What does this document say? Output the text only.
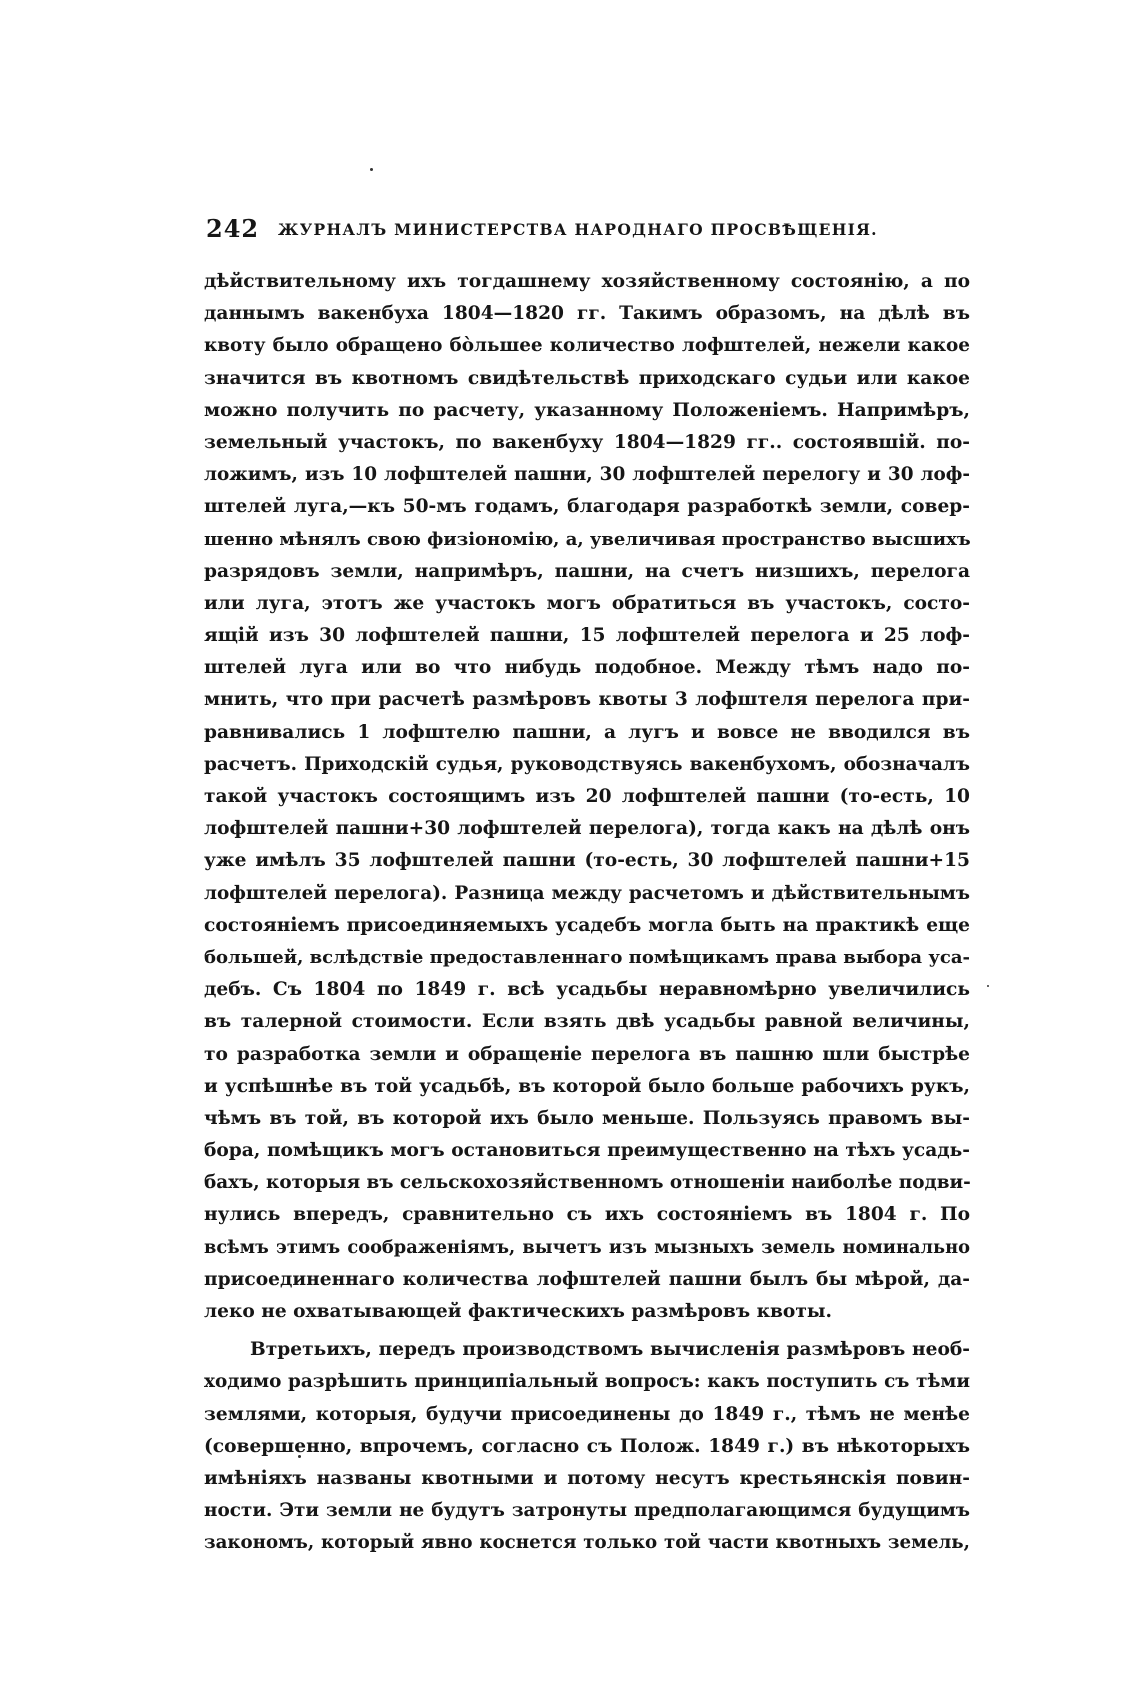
242 ЖУРНАЛЪ МИНИСТЕРСТВА НАРОДНАГО ПРОСВѢЩЕНІЯ.
дѣйствительному ихъ тогдашнему хозяйственному состоянію, а по
даннымъ вакенбуха 1804—1820 гг. Такимъ образомъ, на дѣлѣ въ
квоту было обращено бо̀льшее количество лофштелей, нежели какое
значится въ квотномъ свидѣтельствѣ приходскаго судьи или какое
можно получить по расчету, указанному Положеніемъ. Напримѣръ,
земельный участокъ, по вакенбуху 1804—1829 гг.. состоявшій. по-
ложимъ, изъ 10 лофштелей пашни, 30 лофштелей перелогу и 30 лоф-
штелей луга,—къ 50-мъ годамъ, благодаря разработкѣ земли, совер-
шенно мѣнялъ свою физіономію, а, увеличивая пространство высшихъ
разрядовъ земли, напримѣръ, пашни, на счетъ низшихъ, перелога
или луга, этотъ же участокъ могъ обратиться въ участокъ, состо-
ящій изъ 30 лофштелей пашни, 15 лофштелей перелога и 25 лоф-
штелей луга или во что нибудь подобное. Между тѣмъ надо по-
мнить, что при расчетѣ размѣровъ квоты 3 лофштеля перелога при-
равнивались 1 лофштелю пашни, а лугъ и вовсе не вводился въ
расчетъ. Приходскій судья, руководствуясь вакенбухомъ, обозначалъ
такой участокъ состоящимъ изъ 20 лофштелей пашни (то-есть, 10
лофштелей пашни+30 лофштелей перелога), тогда какъ на дѣлѣ онъ
уже имѣлъ 35 лофштелей пашни (то-есть, 30 лофштелей пашни+15
лофштелей перелога). Разница между расчетомъ и дѣйствительнымъ
состояніемъ присоединяемыхъ усадебъ могла быть на практикѣ еще
большей, вслѣдствіе предоставленнаго помѣщикамъ права выбора уса-
дебъ. Съ 1804 по 1849 г. всѣ усадьбы неравномѣрно увеличились
въ талерной стоимости. Если взять двѣ усадьбы равной величины,
то разработка земли и обращеніе перелога въ пашню шли быстрѣе
и успѣшнѣе въ той усадьбѣ, въ которой было больше рабочихъ рукъ,
чѣмъ въ той, въ которой ихъ было меньше. Пользуясь правомъ вы-
бора, помѣщикъ могъ остановиться преимущественно на тѣхъ усадь-
бахъ, которыя въ сельскохозяйственномъ отношеніи наиболѣе подви-
нулись впередъ, сравнительно съ ихъ состояніемъ въ 1804 г. По
всѣмъ этимъ соображеніямъ, вычетъ изъ мызныхъ земель номинально
присоединеннаго количества лофштелей пашни былъ бы мѣрой, да-
леко не охватывающей фактическихъ размѣровъ квоты.
Втретьихъ, передъ производствомъ вычисленія размѣровъ необ-
ходимо разрѣшить принципіальный вопросъ: какъ поступить съ тѣми
землями, которыя, будучи присоединены до 1849 г., тѣмъ не менѣе
(совершенно, впрочемъ, согласно съ Полож. 1849 г.) въ нѣкоторыхъ
имѣніяхъ названы квотными и потому несутъ крестьянскія повин-
ности. Эти земли не будутъ затронуты предполагающимся будущимъ
закономъ, который явно коснется только той части квотныхъ земель,
